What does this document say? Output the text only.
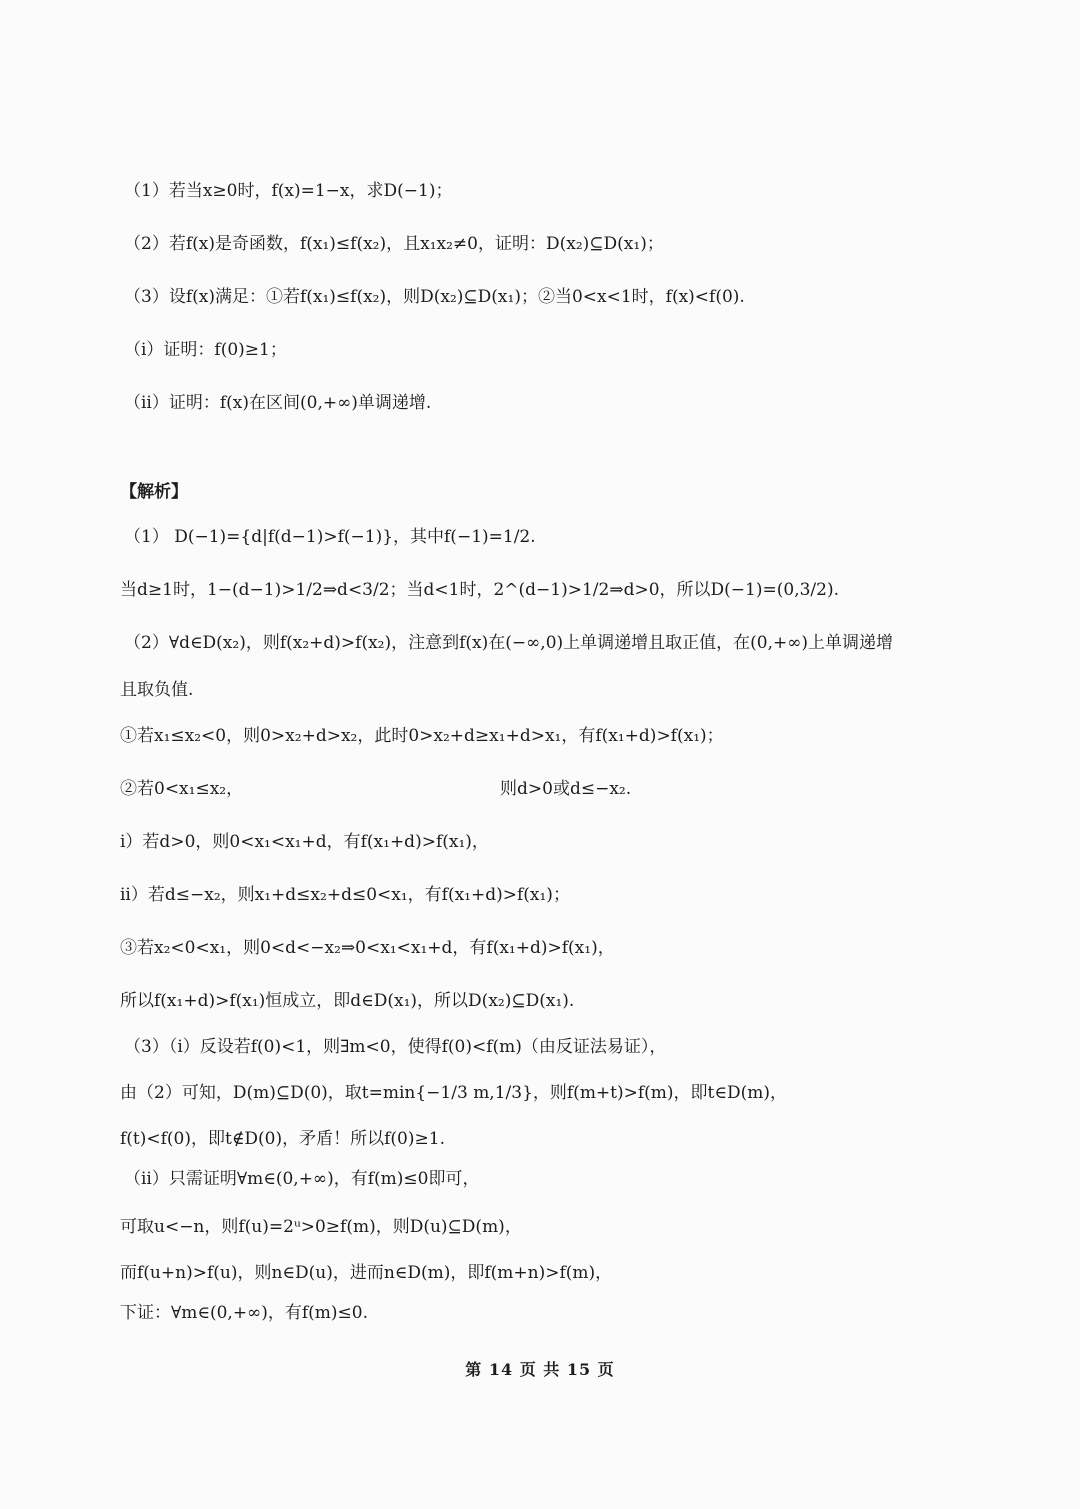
（1）若当x≥0时，f(x)=1−x，求D(−1)；
（2）若f(x)是奇函数，f(x₁)≤f(x₂)，且x₁x₂≠0，证明：D(x₂)⊆D(x₁)；
（3）设f(x)满足：①若f(x₁)≤f(x₂)，则D(x₂)⊆D(x₁)；②当0<x<1时，f(x)<f(0).
（i）证明：f(0)≥1；
（ii）证明：f(x)在区间(0,+∞)单调递增.
【解析】
（1） D(−1)={d|f(d−1)>f(−1)}，其中f(−1)=1/2.
当d≥1时，1−(d−1)>1/2⇒d<3/2；当d<1时，2^(d−1)>1/2⇒d>0，所以D(−1)=(0,3/2).
（2）∀d∈D(x₂)，则f(x₂+d)>f(x₂)，注意到f(x)在(−∞,0)上单调递增且取正值，在(0,+∞)上单调递增
且取负值.
①若x₁≤x₂<0，则0>x₂+d>x₂，此时0>x₂+d≥x₁+d>x₁，有f(x₁+d)>f(x₁)；
②若0<x₁≤x₂，	则d>0或d≤−x₂.
i）若d>0，则0<x₁<x₁+d，有f(x₁+d)>f(x₁)，
ii）若d≤−x₂，则x₁+d≤x₂+d≤0<x₁，有f(x₁+d)>f(x₁)；
③若x₂<0<x₁，则0<d<−x₂⇒0<x₁<x₁+d，有f(x₁+d)>f(x₁)，
所以f(x₁+d)>f(x₁)恒成立，即d∈D(x₁)，所以D(x₂)⊆D(x₁).
（3）（i）反设若f(0)<1，则∃m<0，使得f(0)<f(m)（由反证法易证），
由（2）可知，D(m)⊆D(0)，取t=min{−1/3 m,1/3}，则f(m+t)>f(m)，即t∈D(m)，
f(t)<f(0)，即t∉D(0)，矛盾！所以f(0)≥1.
（ii）只需证明∀m∈(0,+∞)，有f(m)≤0即可，
可取u<−n，则f(u)=2ᵘ>0≥f(m)，则D(u)⊆D(m)，
而f(u+n)>f(u)，则n∈D(u)，进而n∈D(m)，即f(m+n)>f(m)，
下证：∀m∈(0,+∞)，有f(m)≤0.
第 14 页 共 15 页
